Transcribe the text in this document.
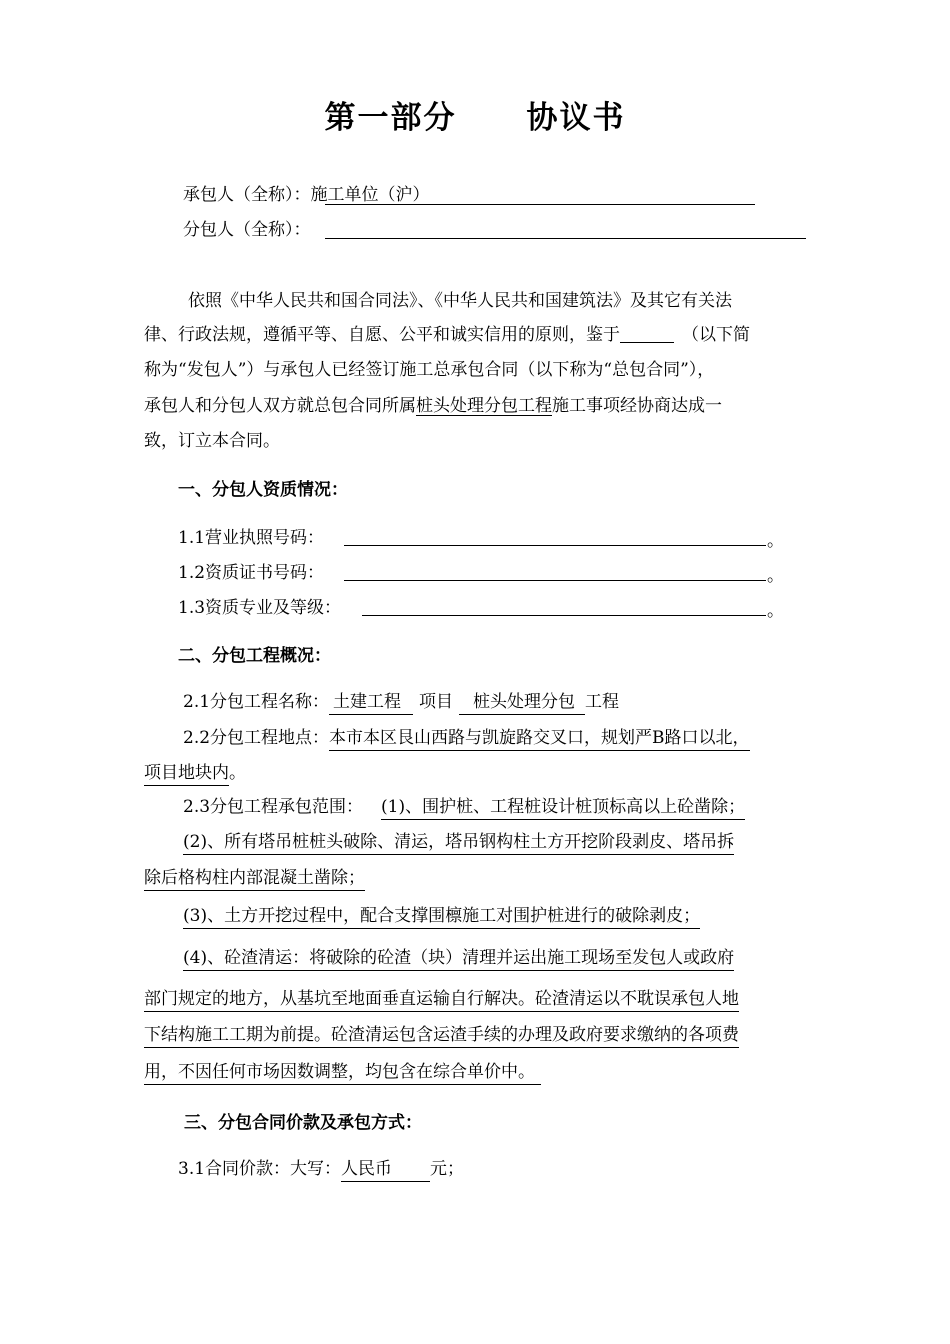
第一部分 协议书
承包人（全称）：施工单位（沪）
分包人（全称）：
依照《中华人民共和国合同法》、《中华人民共和国建筑法》及其它有关法
律、行政法规，遵循平等、自愿、公平和诚实信用的原则，鉴于	（以下简
称为“发包人”）与承包人已经签订施工总承包合同（以下称为“总包合同”），
承包人和分包人双方就总包合同所属桩头处理分包工程施工事项经协商达成一
致，订立本合同。
一、分包人资质情况：
1.1营业执照号码：	。
1.2资质证书号码：	。
1.3资质专业及等级：	。
二、分包工程概况：
2.1分包工程名称： 土建工程 项目 桩头处理分包 工程
2.2分包工程地点：本市本区艮山西路与凯旋路交叉口，规划严B路口以北，
项目地块内。
2.3分包工程承包范围： (1)、围护桩、工程桩设计桩顶标高以上砼凿除；
(2)、所有塔吊桩桩头破除、清运，塔吊钢构柱土方开挖阶段剥皮、塔吊拆
除后格构柱内部混凝土凿除；
(3)、土方开挖过程中，配合支撑围檩施工对围护桩进行的破除剥皮；
(4)、砼渣清运：将破除的砼渣（块）清理并运出施工现场至发包人或政府
部门规定的地方，从基坑至地面垂直运输自行解决。砼渣清运以不耽误承包人地
下结构施工工期为前提。砼渣清运包含运渣手续的办理及政府要求缴纳的各项费
用，不因任何市场因数调整，均包含在综合单价中。
三、分包合同价款及承包方式：
3.1合同价款：大写：人民币 元；
